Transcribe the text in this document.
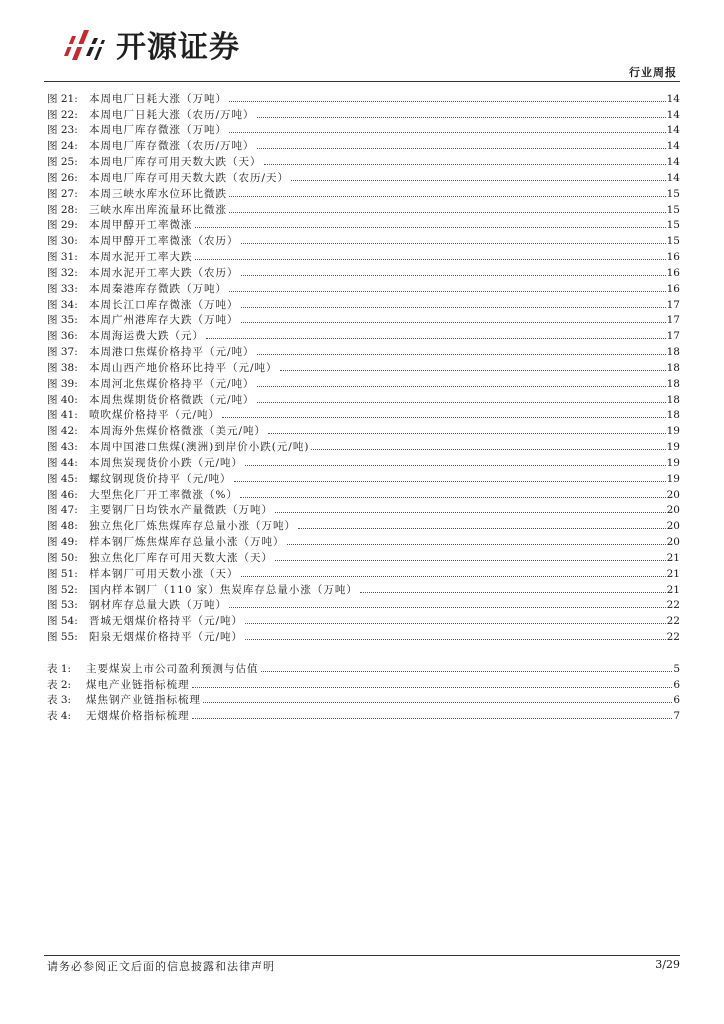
开源证券
行业周报
图 21:	本周电厂日耗大涨（万吨）	14
图 22:	本周电厂日耗大涨（农历/万吨）	14
图 23:	本周电厂库存微涨（万吨）	14
图 24:	本周电厂库存微涨（农历/万吨）	14
图 25:	本周电厂库存可用天数大跌（天）	14
图 26:	本周电厂库存可用天数大跌（农历/天）	14
图 27:	本周三峡水库水位环比微跌	15
图 28:	三峡水库出库流量环比微涨	15
图 29:	本周甲醇开工率微涨	15
图 30:	本周甲醇开工率微涨（农历）	15
图 31:	本周水泥开工率大跌	16
图 32:	本周水泥开工率大跌（农历）	16
图 33:	本周秦港库存微跌（万吨）	16
图 34:	本周长江口库存微涨（万吨）	17
图 35:	本周广州港库存大跌（万吨）	17
图 36:	本周海运费大跌（元）	17
图 37:	本周港口焦煤价格持平（元/吨）	18
图 38:	本周山西产地价格环比持平（元/吨）	18
图 39:	本周河北焦煤价格持平（元/吨）	18
图 40:	本周焦煤期货价格微跌（元/吨）	18
图 41:	喷吹煤价格持平（元/吨）	18
图 42:	本周海外焦煤价格微涨（美元/吨）	19
图 43:	本周中国港口焦煤(澳洲)到岸价小跌(元/吨)	19
图 44:	本周焦炭现货价小跌（元/吨）	19
图 45:	螺纹钢现货价持平（元/吨）	19
图 46:	大型焦化厂开工率微涨（%）	20
图 47:	主要钢厂日均铁水产量微跌（万吨）	20
图 48:	独立焦化厂炼焦煤库存总量小涨（万吨）	20
图 49:	样本钢厂炼焦煤库存总量小涨（万吨）	20
图 50:	独立焦化厂库存可用天数大涨（天）	21
图 51:	样本钢厂可用天数小涨（天）	21
图 52:	国内样本钢厂（110 家）焦炭库存总量小涨（万吨）	21
图 53:	钢材库存总量大跌（万吨）	22
图 54:	晋城无烟煤价格持平（元/吨）	22
图 55:	阳泉无烟煤价格持平（元/吨）	22
表 1:	主要煤炭上市公司盈利预测与估值	5
表 2:	煤电产业链指标梳理	6
表 3:	煤焦钢产业链指标梳理	6
表 4:	无烟煤价格指标梳理	7
请务必参阅正文后面的信息披露和法律声明	3/29
